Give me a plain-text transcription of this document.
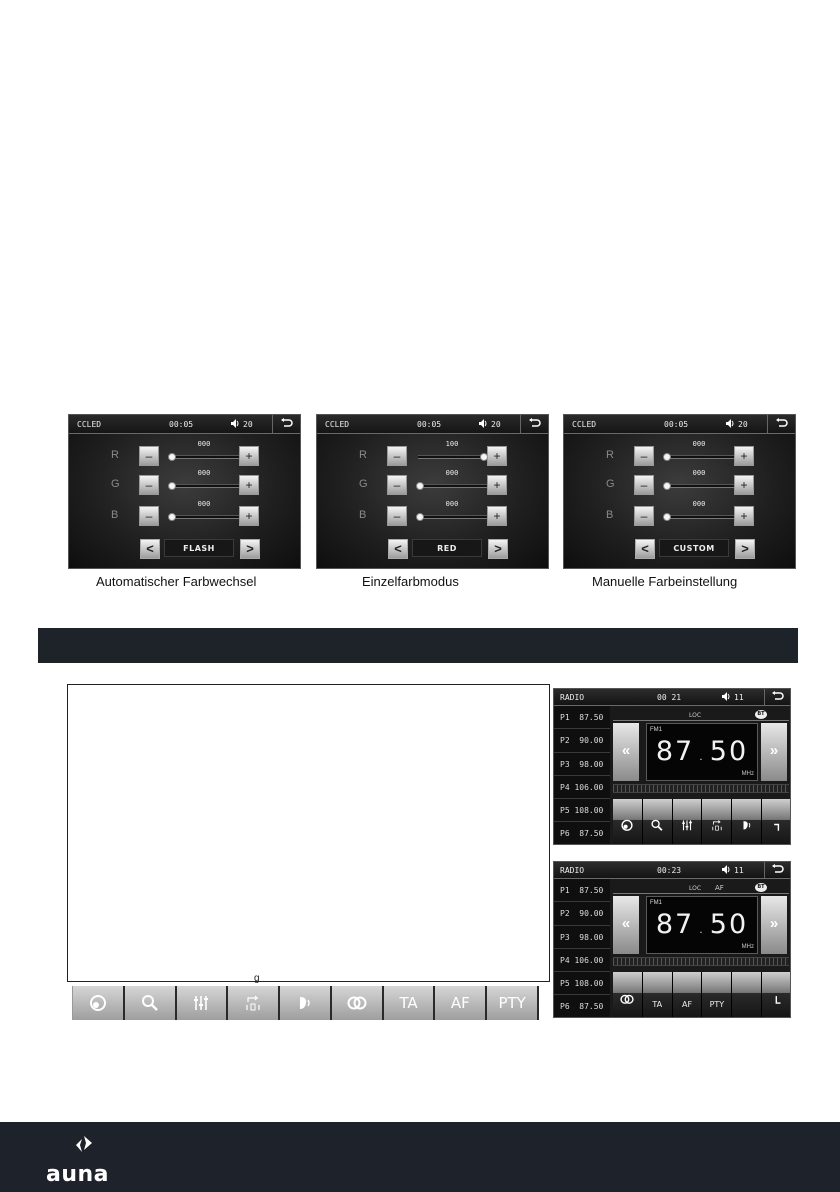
CCLED	00:05	20
R	–
000
+
G	–
000
+
B	–
000
+
<	FLASH	>
Automatischer Farbwechsel
CCLED	00:05	20
R	–
100
+
G	–
000
+
B	–
000
+
<	RED	>
Einzelfarbmodus
CCLED	00:05	20
R	–
000
+
G	–
000
+
B	–
000
+
<	CUSTOM	>
Manuelle Farbeinstellung
g
TA	AF	PTY
RADIO	00 21	11
P1  87.50
P2  90.00
P3  98.00
P4 106.00
P5 108.00
P6  87.50
LOC	BT
«
FM1
87 . 50
MHz
»
RADIO	00:23	11
P1  87.50
P2  90.00
P3  98.00
P4 106.00
P5 108.00
P6  87.50
LOC AF	BT
«
FM1
87 . 50
MHz
»
TA	AF	PTY
auna
